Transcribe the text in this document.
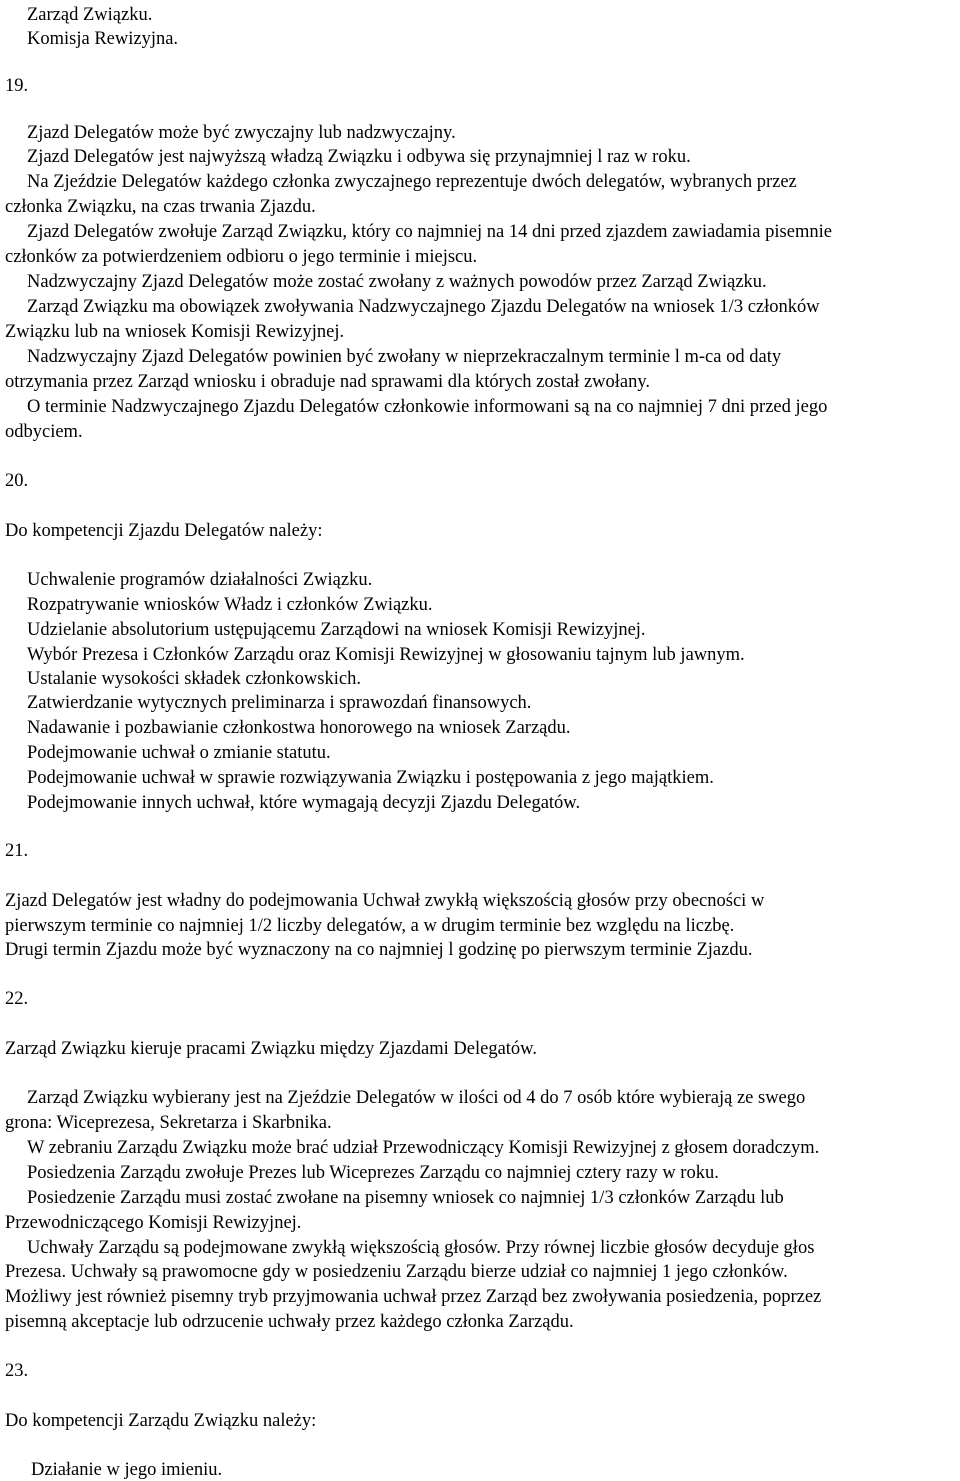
Zarząd Związku.
Komisja Rewizyjna.
19.
Zjazd Delegatów może być zwyczajny lub nadzwyczajny.
Zjazd Delegatów jest najwyższą władzą Związku i odbywa się przynajmniej l raz w roku.
Na Zjeździe Delegatów każdego członka zwyczajnego reprezentuje dwóch delegatów, wybranych przez
członka Związku, na czas trwania Zjazdu.
Zjazd Delegatów zwołuje Zarząd Związku, który co najmniej na 14 dni przed zjazdem zawiadamia pisemnie
członków za potwierdzeniem odbioru o jego terminie i miejscu.
Nadzwyczajny Zjazd Delegatów może zostać zwołany z ważnych powodów przez Zarząd Związku.
Zarząd Związku ma obowiązek zwoływania Nadzwyczajnego Zjazdu Delegatów na wniosek 1/3 członków
Związku lub na wniosek Komisji Rewizyjnej.
Nadzwyczajny Zjazd Delegatów powinien być zwołany w nieprzekraczalnym terminie l m-ca od daty
otrzymania przez Zarząd wniosku i obraduje nad sprawami dla których został zwołany.
O terminie Nadzwyczajnego Zjazdu Delegatów członkowie informowani są na co najmniej 7 dni przed jego
odbyciem.
20.
Do kompetencji Zjazdu Delegatów należy:
Uchwalenie programów działalności Związku.
Rozpatrywanie wniosków Władz i członków Związku.
Udzielanie absolutorium ustępującemu Zarządowi na wniosek Komisji Rewizyjnej.
Wybór Prezesa i Członków Zarządu oraz Komisji Rewizyjnej w głosowaniu tajnym lub jawnym.
Ustalanie wysokości składek członkowskich.
Zatwierdzanie wytycznych preliminarza i sprawozdań finansowych.
Nadawanie i pozbawianie członkostwa honorowego na wniosek Zarządu.
Podejmowanie uchwał o zmianie statutu.
Podejmowanie uchwał w sprawie rozwiązywania Związku i postępowania z jego majątkiem.
Podejmowanie innych uchwał, które wymagają decyzji Zjazdu Delegatów.
21.
Zjazd Delegatów jest władny do podejmowania Uchwał zwykłą większością głosów przy obecności w
pierwszym terminie co najmniej 1/2 liczby delegatów, a w drugim terminie bez względu na liczbę.
Drugi termin Zjazdu może być wyznaczony na co najmniej l godzinę po pierwszym terminie Zjazdu.
22.
Zarząd Związku kieruje pracami Związku między Zjazdami Delegatów.
Zarząd Związku wybierany jest na Zjeździe Delegatów w ilości od 4 do 7 osób które wybierają ze swego
grona: Wiceprezesa, Sekretarza i Skarbnika.
W zebraniu Zarządu Związku może brać udział Przewodniczący Komisji Rewizyjnej z głosem doradczym.
Posiedzenia Zarządu zwołuje Prezes lub Wiceprezes Zarządu co najmniej cztery razy w roku.
Posiedzenie Zarządu musi zostać zwołane na pisemny wniosek co najmniej 1/3 członków Zarządu lub
Przewodniczącego Komisji Rewizyjnej.
Uchwały Zarządu są podejmowane zwykłą większością głosów. Przy równej liczbie głosów decyduje głos
Prezesa. Uchwały są prawomocne gdy w posiedzeniu Zarządu bierze udział co najmniej 1 jego członków.
Możliwy jest również pisemny tryb przyjmowania uchwał przez Zarząd bez zwoływania posiedzenia, poprzez
pisemną akceptacje lub odrzucenie uchwały przez każdego członka Zarządu.
23.
Do kompetencji Zarządu Związku należy:
Działanie w jego imieniu.
